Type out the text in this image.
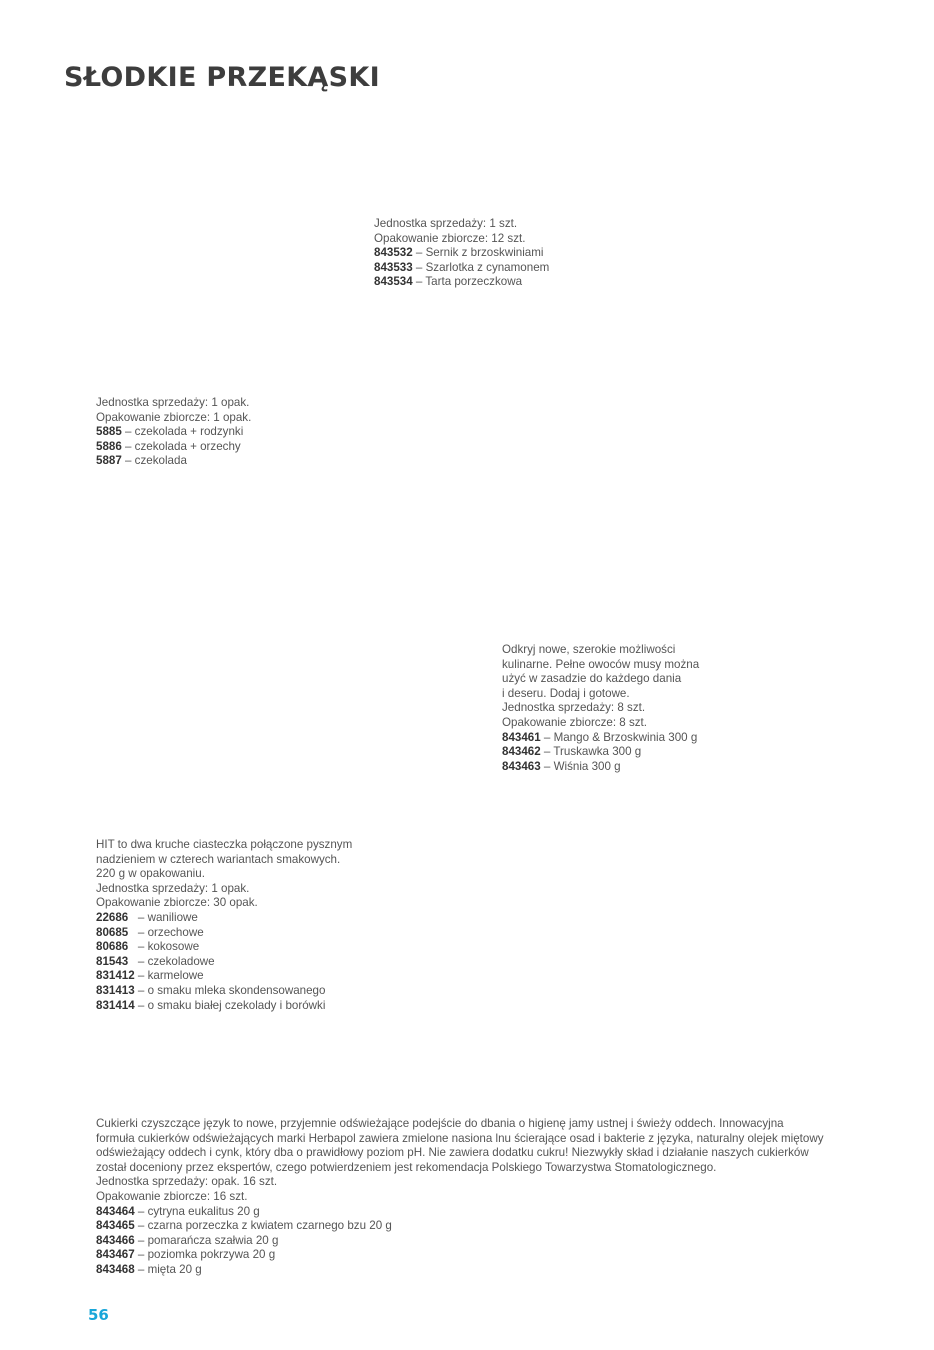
SŁODKIE PRZEKĄSKI
Jednostka sprzedaży: 1 szt.
Opakowanie zbiorcze: 12 szt.
843532 – Sernik z brzoskwiniami
843533 – Szarlotka z cynamonem
843534 – Tarta porzeczkowa
Jednostka sprzedaży: 1 opak.
Opakowanie zbiorcze: 1 opak.
5885 – czekolada + rodzynki
5886 – czekolada + orzechy
5887 – czekolada
Odkryj nowe, szerokie możliwości
kulinarne. Pełne owoców musy można
użyć w zasadzie do każdego dania
i deseru. Dodaj i gotowe.
Jednostka sprzedaży: 8 szt.
Opakowanie zbiorcze: 8 szt.
843461 – Mango & Brzoskwinia 300 g
843462 – Truskawka 300 g
843463 – Wiśnia 300 g
HIT to dwa kruche ciasteczka połączone pysznym
nadzieniem w czterech wariantach smakowych.
220 g w opakowaniu.
Jednostka sprzedaży: 1 opak.
Opakowanie zbiorcze: 30 opak.
22686   – waniliowe
80685   – orzechowe
80686   – kokosowe
81543   – czekoladowe
831412 – karmelowe
831413 – o smaku mleka skondensowanego
831414 – o smaku białej czekolady i borówki
Cukierki czyszczące język to nowe, przyjemnie odświeżające podejście do dbania o higienę jamy ustnej i świeży oddech. Innowacyjna
formuła cukierków odświeżających marki Herbapol zawiera zmielone nasiona lnu ścierające osad i bakterie z języka, naturalny olejek miętowy
odświeżający oddech i cynk, który dba o prawidłowy poziom pH. Nie zawiera dodatku cukru! Niezwykły skład i działanie naszych cukierków
został doceniony przez ekspertów, czego potwierdzeniem jest rekomendacja Polskiego Towarzystwa Stomatologicznego.
Jednostka sprzedaży: opak. 16 szt.
Opakowanie zbiorcze: 16 szt.
843464 – cytryna eukalitus 20 g
843465 – czarna porzeczka z kwiatem czarnego bzu 20 g
843466 – pomarańcza szałwia 20 g
843467 – poziomka pokrzywa 20 g
843468 – mięta 20 g
56
